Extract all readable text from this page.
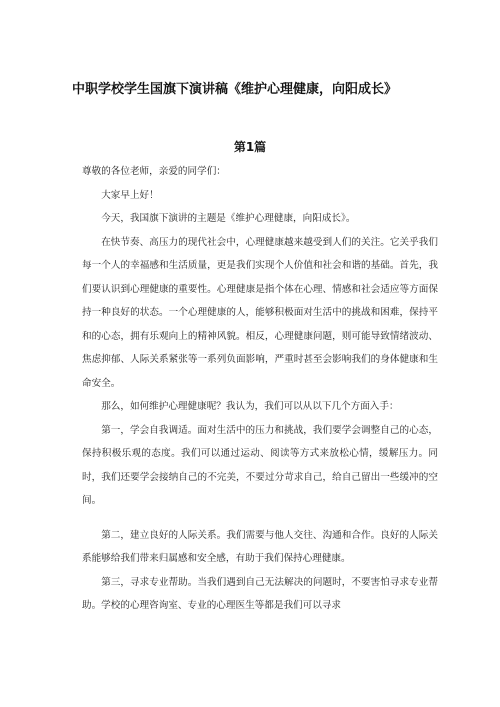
中职学校学生国旗下演讲稿《维护心理健康，向阳成长》
第1篇

尊敬的各位老师，亲爱的同学们：

大家早上好！

今天，我国旗下演讲的主题是《维护心理健康，向阳成长》。

在快节奏、高压力的现代社会中，心理健康越来越受到人们的关注。它关乎我们每一个人的幸福感和生活质量，更是我们实现个人价值和社会和谐的基础。首先，我们要认识到心理健康的重要性。心理健康是指个体在心理、情感和社会适应等方面保持一种良好的状态。一个心理健康的人，能够积极面对生活中的挑战和困难，保持平和的心态，拥有乐观向上的精神风貌。相反，心理健康问题，则可能导致情绪波动、焦虑抑郁、人际关系紧张等一系列负面影响，严重时甚至会影响我们的身体健康和生命安全。

那么，如何维护心理健康呢？我认为，我们可以从以下几个方面入手：

第一，学会自我调适。面对生活中的压力和挑战，我们要学会调整自己的心态，保持积极乐观的态度。我们可以通过运动、阅读等方式来放松心情，缓解压力。同时，我们还要学会接纳自己的不完美，不要过分苛求自己，给自己留出一些缓冲的空间。

第二，建立良好的人际关系。我们需要与他人交往、沟通和合作。良好的人际关系能够给我们带来归属感和安全感，有助于我们保持心理健康。

第三，寻求专业帮助。当我们遇到自己无法解决的问题时，不要害怕寻求专业帮助。学校的心理咨询室、专业的心理医生等都是我们可以寻求
